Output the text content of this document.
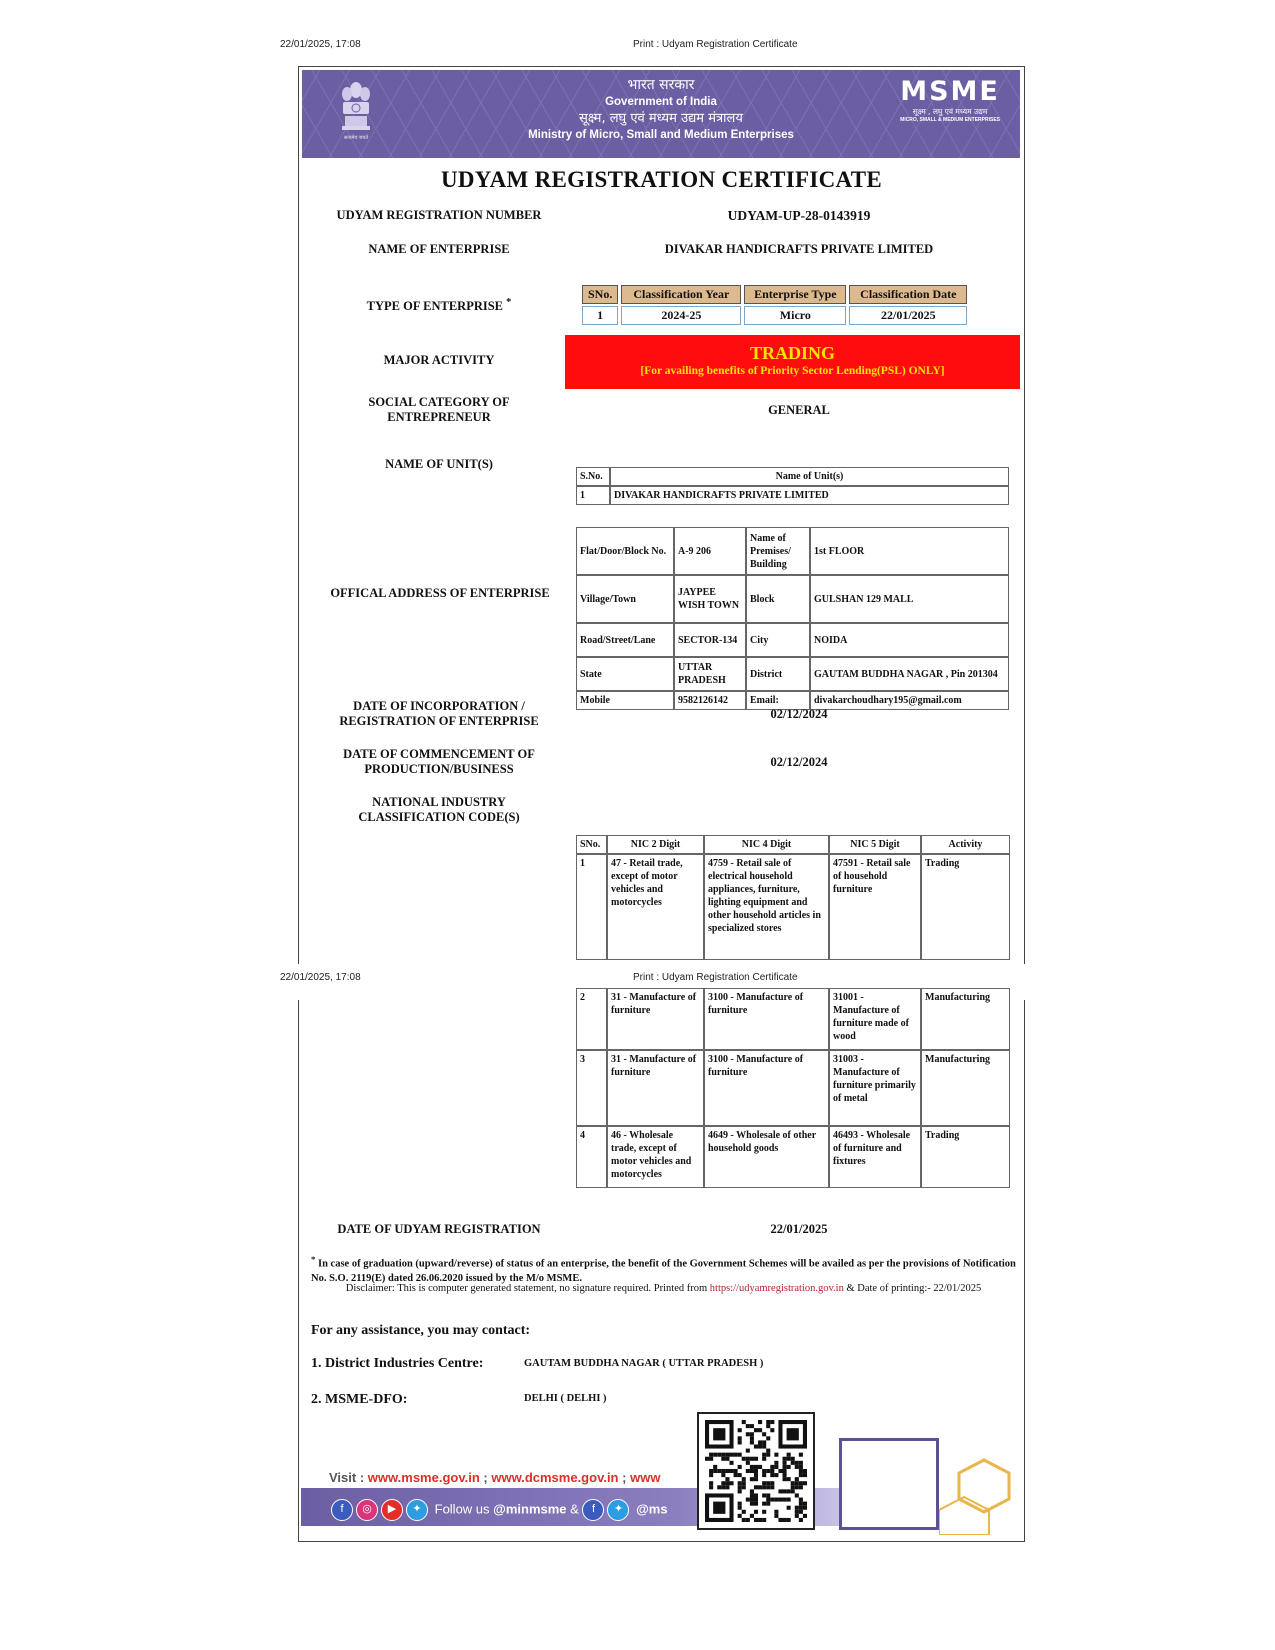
22/01/2025, 17:08	Print : Udyam Registration Certificate
सत्यमेव जयते
भारत सरकार
Government of India
सूक्ष्म, लघु एवं मध्यम उद्यम मंत्रालय
Ministry of Micro, Small and Medium Enterprises
MSME
सूक्ष्म , लघु एवं मध्यम उद्यम
MICRO, SMALL & MEDIUM ENTERPRISES
UDYAM REGISTRATION CERTIFICATE
UDYAM REGISTRATION NUMBER	UDYAM-UP-28-0143919
NAME OF ENTERPRISE	DIVAKAR HANDICRAFTS PRIVATE LIMITED
TYPE OF ENTERPRISE *
SNo.	Classification Year	Enterprise Type	Classification Date
1	2024-25	Micro	22/01/2025
MAJOR ACTIVITY	TRADING
[For availing benefits of Priority Sector Lending(PSL) ONLY]
SOCIAL CATEGORY OF
ENTREPRENEUR	GENERAL
NAME OF UNIT(S)
S.No.	Name of Unit(s)
1	DIVAKAR HANDICRAFTS PRIVATE LIMITED
OFFICAL ADDRESS OF ENTERPRISE
Flat/Door/Block No.	A-9 206	Name of Premises/ Building	1st FLOOR
Village/Town	JAYPEE WISH TOWN	Block	GULSHAN 129 MALL
Road/Street/Lane	SECTOR-134	City	NOIDA
State	UTTAR PRADESH	District	GAUTAM BUDDHA NAGAR , Pin 201304
Mobile	9582126142	Email:	divakarchoudhary195@gmail.com
DATE OF INCORPORATION /
REGISTRATION OF ENTERPRISE	02/12/2024
DATE OF COMMENCEMENT OF
PRODUCTION/BUSINESS	02/12/2024
NATIONAL INDUSTRY
CLASSIFICATION CODE(S)
SNo.	NIC 2 Digit	NIC 4 Digit	NIC 5 Digit	Activity
1	47 - Retail trade, except of motor vehicles and motorcycles	4759 - Retail sale of electrical household appliances, furniture, lighting equipment and other household articles in specialized stores	47591 - Retail sale of household furniture	Trading
22/01/2025, 17:08	Print : Udyam Registration Certificate
2	31 - Manufacture of furniture	3100 - Manufacture of furniture	31001 - Manufacture of furniture made of wood	Manufacturing
3	31 - Manufacture of furniture	3100 - Manufacture of furniture	31003 - Manufacture of furniture primarily of metal	Manufacturing
4	46 - Wholesale trade, except of motor vehicles and motorcycles	4649 - Wholesale of other household goods	46493 - Wholesale of furniture and fixtures	Trading
DATE OF UDYAM REGISTRATION	22/01/2025
* In case of graduation (upward/reverse) of status of an enterprise, the benefit of the Government Schemes will be availed as per the provisions of Notification No. S.O. 2119(E) dated 26.06.2020 issued by the M/o MSME.
Disclaimer: This is computer generated statement, no signature required. Printed from https://udyamregistration.gov.in & Date of printing:- 22/01/2025
For any assistance, you may contact:
1. District Industries Centre:	GAUTAM BUDDHA NAGAR ( UTTAR PRADESH )
2. MSME-DFO:	DELHI ( DELHI )
Visit : www.msme.gov.in ; www.dcmsme.gov.in ; www
f ◎ ▶ ✦ Follow us @minmsme & f ✦ @ms
